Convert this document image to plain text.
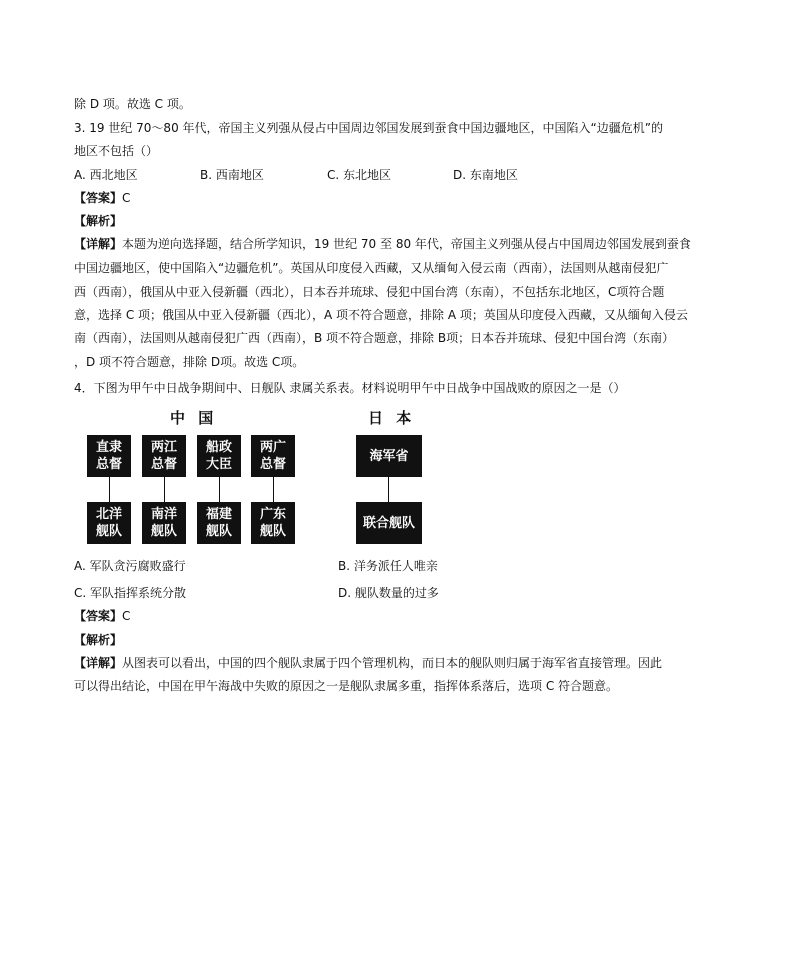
除 D 项。故选 C 项。
3. 19 世纪 70～80 年代，帝国主义列强从侵占中国周边邻国发展到蚕食中国边疆地区，中国陷入“边疆危机”的
地区不包括（）
A. 西北地区	B. 西南地区	C. 东北地区	D. 东南地区
【答案】C
【解析】
【详解】本题为逆向选择题，结合所学知识，19 世纪 70 至 80 年代，帝国主义列强从侵占中国周边邻国发展到蚕食
中国边疆地区，使中国陷入“边疆危机”。英国从印度侵入西藏，又从缅甸入侵云南（西南），法国则从越南侵犯广
西（西南），俄国从中亚入侵新疆（西北），日本吞并琉球、侵犯中国台湾（东南），不包括东北地区，C项符合题
意，选择 C 项；俄国从中亚入侵新疆（西北），A 项不符合题意，排除 A 项；英国从印度侵入西藏，又从缅甸入侵云
南（西南），法国则从越南侵犯广西（西南），B 项不符合题意，排除 B项；日本吞并琉球、侵犯中国台湾（东南）
，D 项不符合题意，排除 D项。故选 C项。
4．下图为甲午中日战争期间中、日舰队 隶属关系表。材料说明甲午中日战争中国战败的原因之一是（）
中 国	日 本
直隶
总督
两江
总督
船政
大臣
两广
总督
北洋
舰队
南洋
舰队
福建
舰队
广东
舰队
海军省
联合舰队
A. 军队贪污腐败盛行	B. 洋务派任人唯亲
C. 军队指挥系统分散	D. 舰队数量的过多
【答案】C
【解析】
【详解】从图表可以看出，中国的四个舰队隶属于四个管理机构，而日本的舰队则归属于海军省直接管理。因此
可以得出结论，中国在甲午海战中失败的原因之一是舰队隶属多重，指挥体系落后，选项 C 符合题意。
